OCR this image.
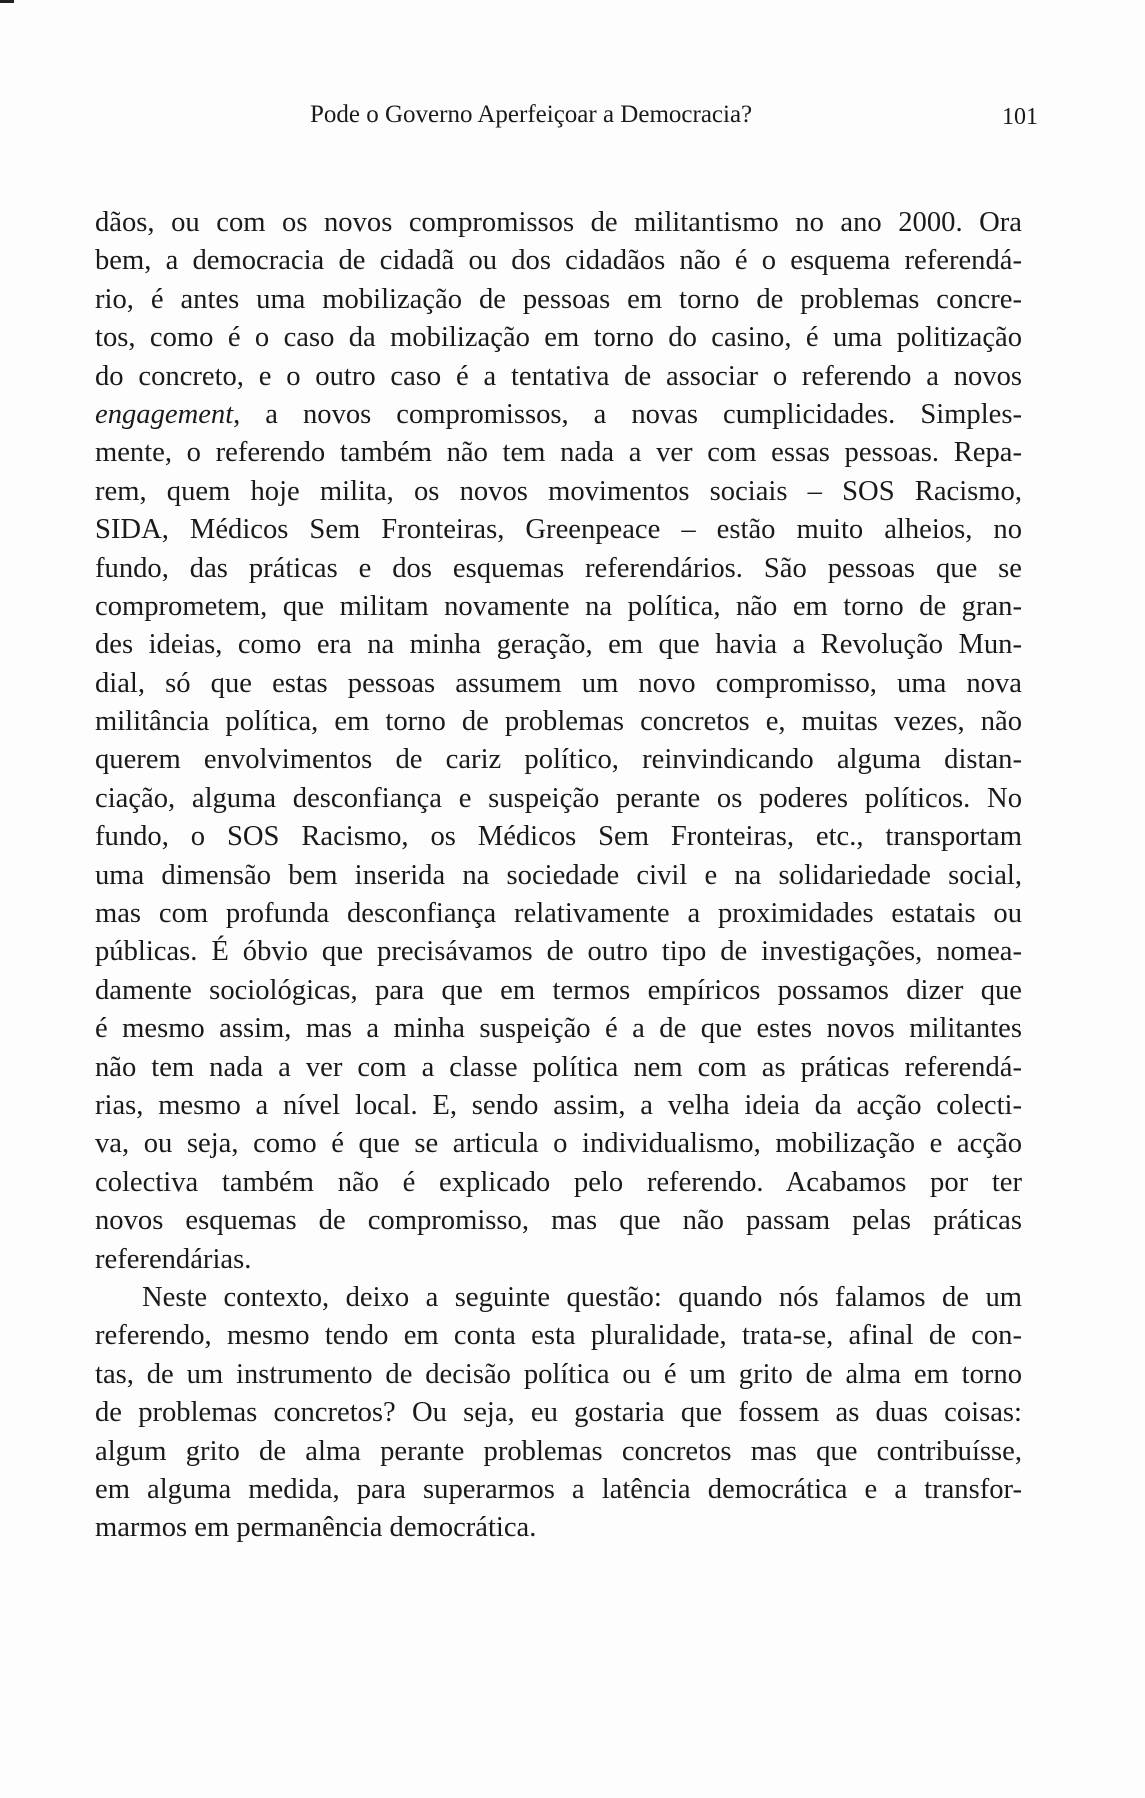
Pode o Governo Aperfeiçoar a Democracia?	101
dãos, ou com os novos compromissos de militantismo no ano 2000. Ora
bem, a democracia de cidadã ou dos cidadãos não é o esquema referendá-
rio, é antes uma mobilização de pessoas em torno de problemas concre-
tos, como é o caso da mobilização em torno do casino, é uma politização
do concreto, e o outro caso é a tentativa de associar o referendo a novos
engagement, a novos compromissos, a novas cumplicidades. Simples-
mente, o referendo também não tem nada a ver com essas pessoas. Repa-
rem, quem hoje milita, os novos movimentos sociais – SOS Racismo,
SIDA, Médicos Sem Fronteiras, Greenpeace – estão muito alheios, no
fundo, das práticas e dos esquemas referendários. São pessoas que se
comprometem, que militam novamente na política, não em torno de gran-
des ideias, como era na minha geração, em que havia a Revolução Mun-
dial, só que estas pessoas assumem um novo compromisso, uma nova
militância política, em torno de problemas concretos e, muitas vezes, não
querem envolvimentos de cariz político, reinvindicando alguma distan-
ciação, alguma desconfiança e suspeição perante os poderes políticos. No
fundo, o SOS Racismo, os Médicos Sem Fronteiras, etc., transportam
uma dimensão bem inserida na sociedade civil e na solidariedade social,
mas com profunda desconfiança relativamente a proximidades estatais ou
públicas. É óbvio que precisávamos de outro tipo de investigações, nomea-
damente sociológicas, para que em termos empíricos possamos dizer que
é mesmo assim, mas a minha suspeição é a de que estes novos militantes
não tem nada a ver com a classe política nem com as práticas referendá-
rias, mesmo a nível local. E, sendo assim, a velha ideia da acção colecti-
va, ou seja, como é que se articula o individualismo, mobilização e acção
colectiva também não é explicado pelo referendo. Acabamos por ter
novos esquemas de compromisso, mas que não passam pelas práticas
referendárias.
Neste contexto, deixo a seguinte questão: quando nós falamos de um
referendo, mesmo tendo em conta esta pluralidade, trata-se, afinal de con-
tas, de um instrumento de decisão política ou é um grito de alma em torno
de problemas concretos? Ou seja, eu gostaria que fossem as duas coisas:
algum grito de alma perante problemas concretos mas que contribuísse,
em alguma medida, para superarmos a latência democrática e a transfor-
marmos em permanência democrática.
